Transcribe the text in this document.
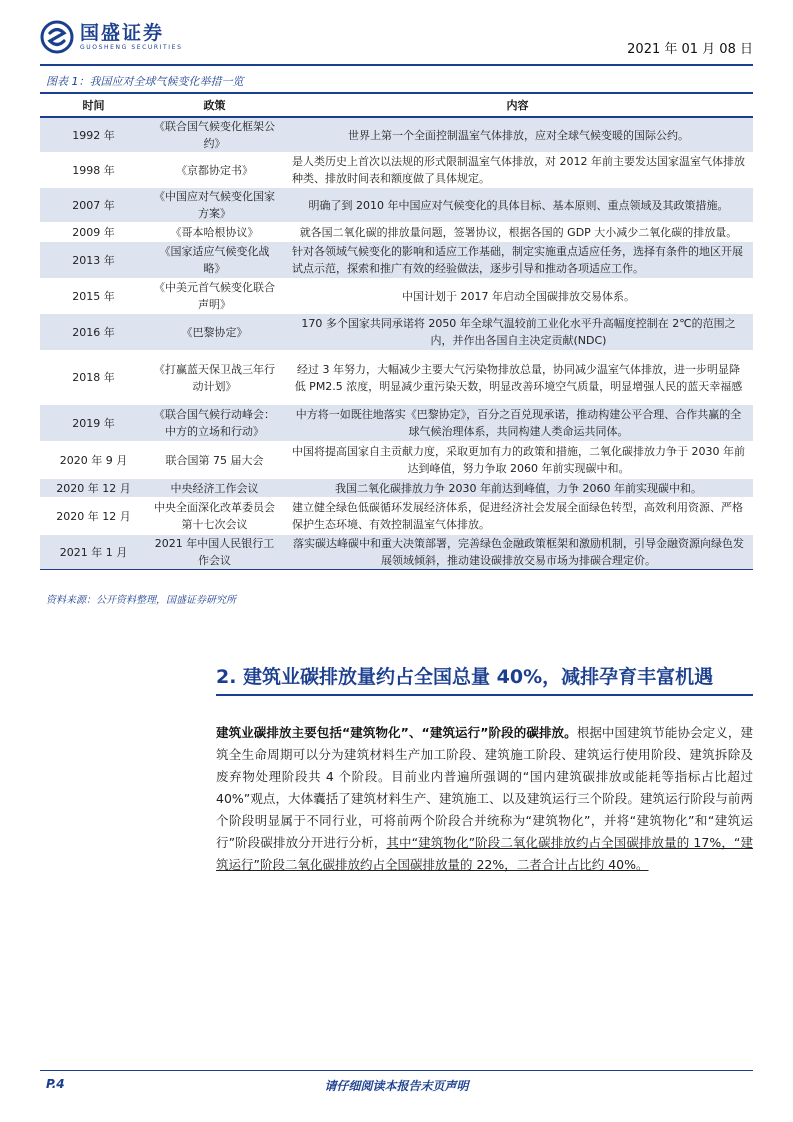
国盛证券
GUOSHENG SECURITIES	2021 年 01 月 08 日
图表 1：我国应对全球气候变化举措一览
时间	政策	内容
1992 年	《联合国气候变化框架公约》	世界上第一个全面控制温室气体排放，应对全球气候变暖的国际公约。
1998 年	《京都协定书》	是人类历史上首次以法规的形式限制温室气体排放，对 2012 年前主要发达国家温室气体排放种类、排放时间表和额度做了具体规定。
2007 年	《中国应对气候变化国家方案》	明确了到 2010 年中国应对气候变化的具体目标、基本原则、重点领域及其政策措施。
2009 年	《哥本哈根协议》	就各国二氧化碳的排放量问题，签署协议，根据各国的 GDP 大小减少二氧化碳的排放量。
2013 年	《国家适应气候变化战略》	针对各领域气候变化的影响和适应工作基础，制定实施重点适应任务，选择有条件的地区开展试点示范，探索和推广有效的经验做法，逐步引导和推动各项适应工作。
2015 年	《中美元首气候变化联合声明》	中国计划于 2017 年启动全国碳排放交易体系。
2016 年	《巴黎协定》	170 多个国家共同承诺将 2050 年全球气温较前工业化水平升高幅度控制在 2℃的范围之内，并作出各国自主决定贡献(NDC)
2018 年	《打赢蓝天保卫战三年行动计划》	经过 3 年努力，大幅减少主要大气污染物排放总量，协同减少温室气体排放，进一步明显降低 PM2.5 浓度，明显减少重污染天数，明显改善环境空气质量，明显增强人民的蓝天幸福感
2019 年	《联合国气候行动峰会：中方的立场和行动》	中方将一如既往地落实《巴黎协定》，百分之百兑现承诺，推动构建公平合理、合作共赢的全球气候治理体系，共同构建人类命运共同体。
2020 年 9 月	联合国第 75 届大会	中国将提高国家自主贡献力度，采取更加有力的政策和措施，二氧化碳排放力争于 2030 年前达到峰值，努力争取 2060 年前实现碳中和。
2020 年 12 月	中央经济工作会议	我国二氧化碳排放力争 2030 年前达到峰值，力争 2060 年前实现碳中和。
2020 年 12 月	中央全面深化改革委员会第十七次会议	建立健全绿色低碳循环发展经济体系，促进经济社会发展全面绿色转型，高效利用资源、严格保护生态环境、有效控制温室气体排放。
2021 年 1 月	2021 年中国人民银行工作会议	落实碳达峰碳中和重大决策部署，完善绿色金融政策框架和激励机制，引导金融资源向绿色发展领域倾斜，推动建设碳排放交易市场为排碳合理定价。
资料来源：公开资料整理，国盛证券研究所
2. 建筑业碳排放量约占全国总量 40%，减排孕育丰富机遇

建筑业碳排放主要包括“建筑物化”、“建筑运行”阶段的碳排放。根据中国建筑节能协会定义，建筑全生命周期可以分为建筑材料生产加工阶段、建筑施工阶段、建筑运行使用阶段、建筑拆除及废弃物处理阶段共 4 个阶段。目前业内普遍所强调的“国内建筑碳排放或能耗等指标占比超过 40%”观点，大体囊括了建筑材料生产、建筑施工、以及建筑运行三个阶段。建筑运行阶段与前两个阶段明显属于不同行业，可将前两个阶段合并统称为“建筑物化”，并将“建筑物化”和“建筑运行”阶段碳排放分开进行分析，其中“建筑物化”阶段二氧化碳排放约占全国碳排放量的 17%，“建筑运行”阶段二氧化碳排放约占全国碳排放量的 22%，二者合计占比约 40%。

P.4	请仔细阅读本报告末页声明
